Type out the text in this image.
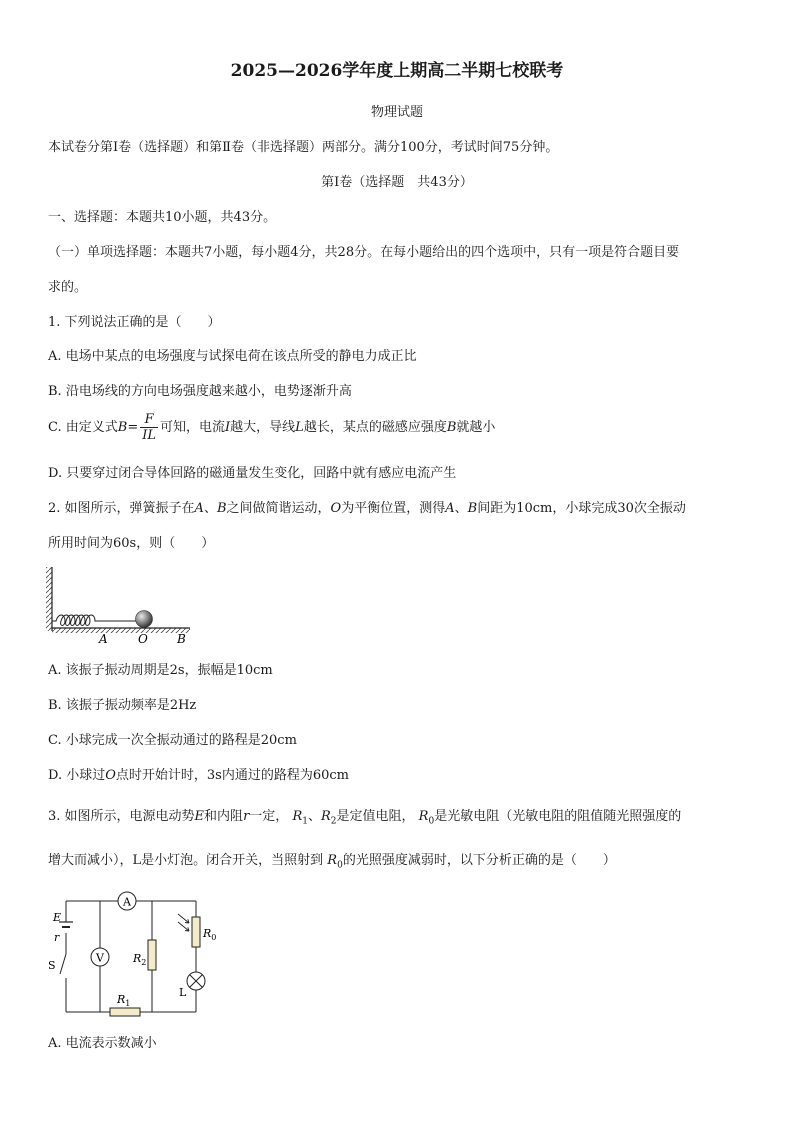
2025—2026学年度上期高二半期七校联考
物理试题
本试卷分第Ⅰ卷（选择题）和第Ⅱ卷（非选择题）两部分。满分100分，考试时间75分钟。
第Ⅰ卷（选择题　共43分）
一、选择题：本题共10小题，共43分。
（一）单项选择题：本题共7小题，每小题4分，共28分。在每小题给出的四个选项中，只有一项是符合题目要
求的。
1. 下列说法正确的是（　　）
A. 电场中某点的电场强度与试探电荷在该点所受的静电力成正比
B. 沿电场线的方向电场强度越来越小，电势逐渐升高
C. 由定义式$B= \frac{F}{IL}$ 可知，电流I越大，导线L越长，某点的磁感应强度B就越小
D. 只要穿过闭合导体回路的磁通量发生变化，回路中就有感应电流产生
2. 如图所示，弹簧振子在A、B之间做简谐运动，O为平衡位置，测得A、B间距为10cm，小球完成30次全振动
所用时间为60s，则（　　）
A	O B
A. 该振子振动周期是2s，振幅是10cm
B. 该振子振动频率是2Hz
C. 小球完成一次全振动通过的路程是20cm
D. 小球过O点时开始计时，3s内通过的路程为60cm
3. 如图所示，电源电动势E和内阻r一定， $R_1$、$R_2$是定值电阻， $R_0$是光敏电阻（光敏电阻的阻值随光照强度的
增大而减小），L是小灯泡。闭合开关，当照射到 $R_0$的光照强度减弱时，以下分析正确的是（　　）
A
V	$R_2$
$R_0$
L
$R_1$
E
r
S
A. 电流表示数减小
